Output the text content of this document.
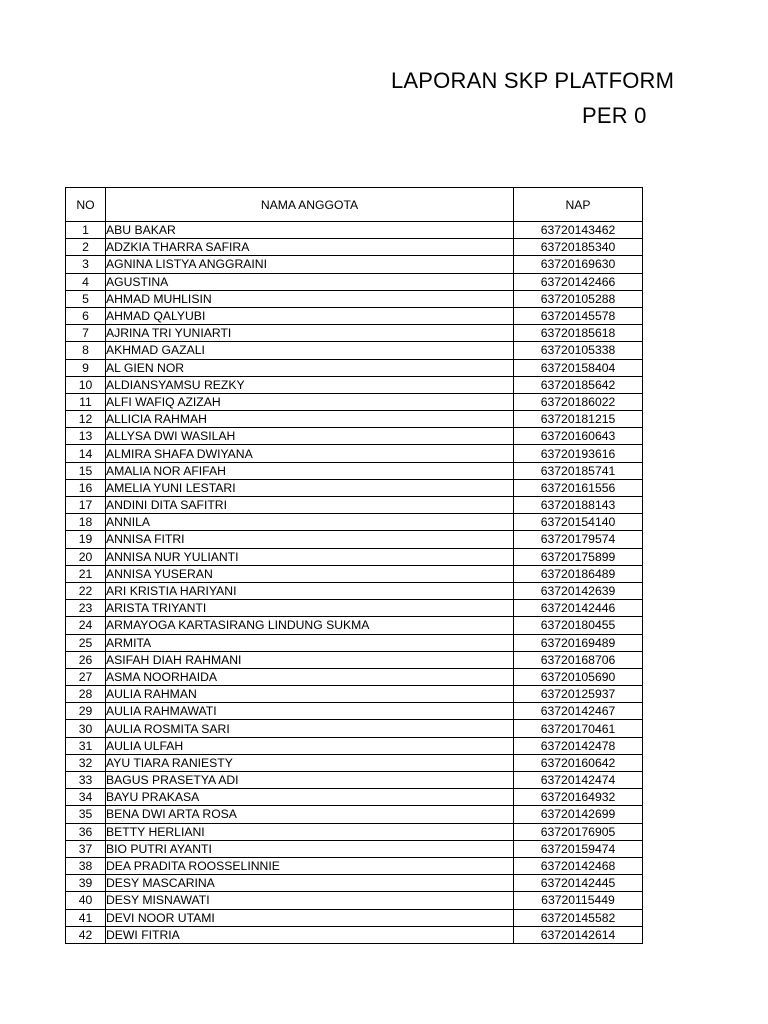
LAPORAN SKP PLATFORM
PER 0
NO	NAMA ANGGOTA	NAP
1	ABU BAKAR	63720143462
2	ADZKIA THARRA SAFIRA	63720185340
3	AGNINA LISTYA ANGGRAINI	63720169630
4	AGUSTINA	63720142466
5	AHMAD MUHLISIN	63720105288
6	AHMAD QALYUBI	63720145578
7	AJRINA TRI YUNIARTI	63720185618
8	AKHMAD GAZALI	63720105338
9	AL GIEN NOR	63720158404
10	ALDIANSYAMSU REZKY	63720185642
11	ALFI WAFIQ AZIZAH	63720186022
12	ALLICIA RAHMAH	63720181215
13	ALLYSA DWI WASILAH	63720160643
14	ALMIRA SHAFA DWIYANA	63720193616
15	AMALIA NOR AFIFAH	63720185741
16	AMELIA YUNI LESTARI	63720161556
17	ANDINI DITA SAFITRI	63720188143
18	ANNILA	63720154140
19	ANNISA FITRI	63720179574
20	ANNISA NUR YULIANTI	63720175899
21	ANNISA YUSERAN	63720186489
22	ARI KRISTIA HARIYANI	63720142639
23	ARISTA TRIYANTI	63720142446
24	ARMAYOGA KARTASIRANG LINDUNG SUKMA	63720180455
25	ARMITA	63720169489
26	ASIFAH DIAH RAHMANI	63720168706
27	ASMA NOORHAIDA	63720105690
28	AULIA RAHMAN	63720125937
29	AULIA RAHMAWATI	63720142467
30	AULIA ROSMITA SARI	63720170461
31	AULIA ULFAH	63720142478
32	AYU TIARA RANIESTY	63720160642
33	BAGUS PRASETYA ADI	63720142474
34	BAYU PRAKASA	63720164932
35	BENA DWI ARTA ROSA	63720142699
36	BETTY HERLIANI	63720176905
37	BIO PUTRI AYANTI	63720159474
38	DEA PRADITA ROOSSELINNIE	63720142468
39	DESY MASCARINA	63720142445
40	DESY MISNAWATI	63720115449
41	DEVI NOOR UTAMI	63720145582
42	DEWI FITRIA	63720142614
